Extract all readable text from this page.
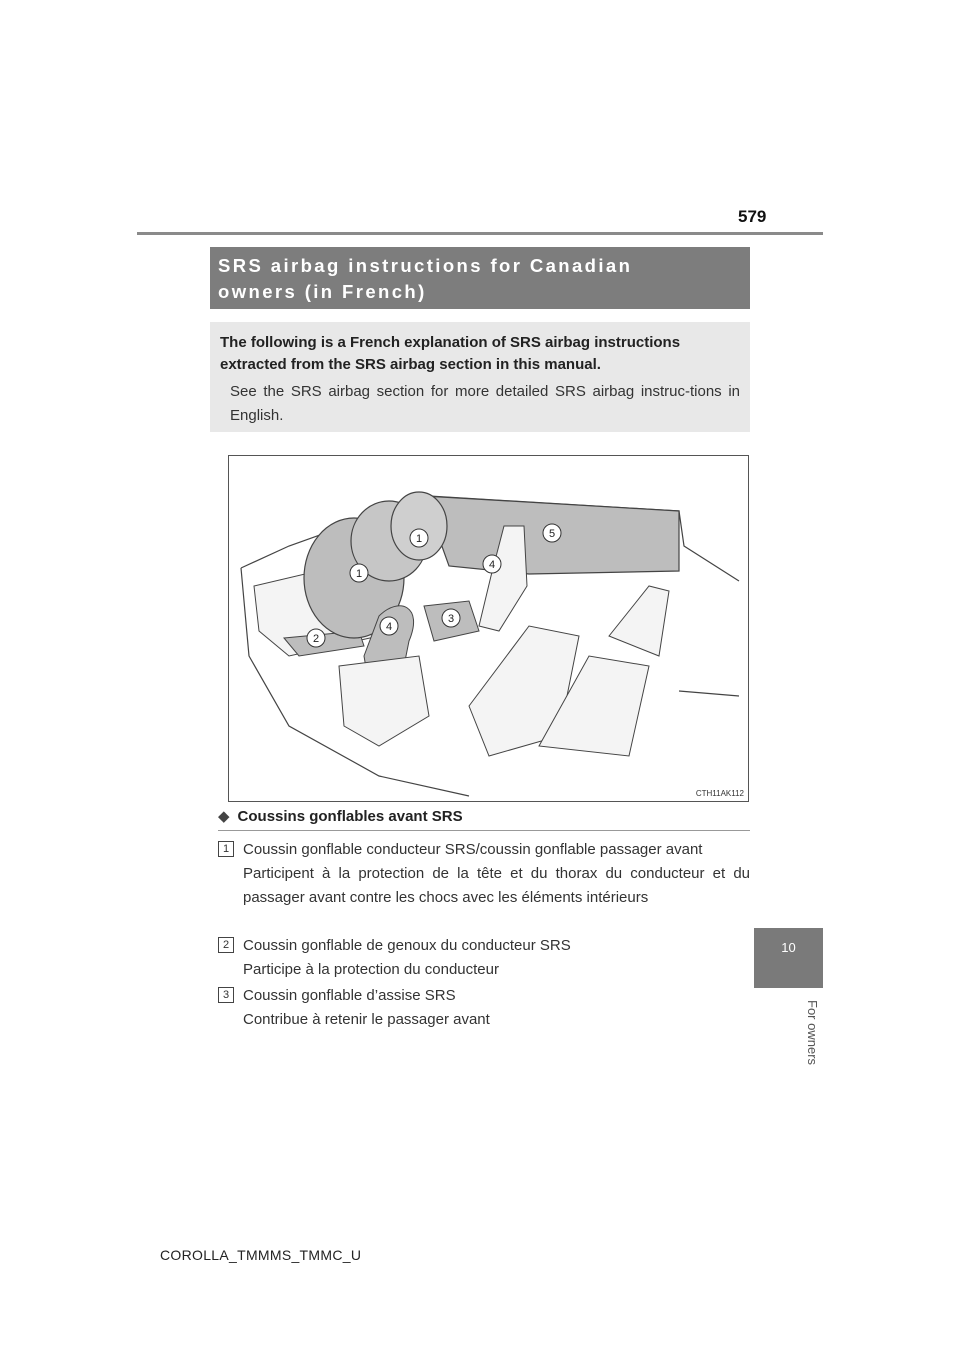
579
10
For owners

SRS airbag instructions for Canadian

owners (in French)

The following is a French explanation of SRS airbag instructions extracted from the SRS airbag section in this manual.

See the SRS airbag section for more detailed SRS airbag instruc-tions in English.

1
1
2
3
4
4
5
CTH11AK112
◆ Coussins gonflables avant SRS
1 Coussin gonflable conducteur SRS/coussin gonflable passager avant

Participent à la protection de la tête et du thorax du conducteur et du passager avant contre les chocs avec les éléments intérieurs

2 Coussin gonflable de genoux du conducteur SRS

Participe à la protection du conducteur

3 Coussin gonflable d’assise SRS

Contribue à retenir le passager avant

COROLLA_TMMMS_TMMC_U
